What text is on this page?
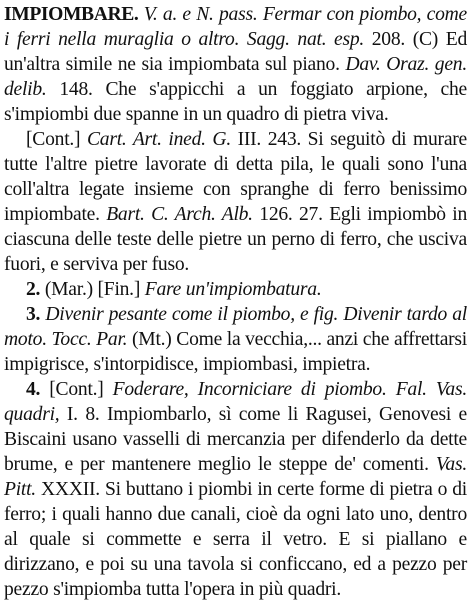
IMPIOMBARE. V. a. e N. pass. Fermar con piombo, come i ferri nella muraglia o altro. Sagg. nat. esp. 208. (C) Ed un'altra simile ne sia impiombata sul piano. Dav. Oraz. gen. delib. 148. Che s'appicchi a un foggiato arpione, che s'impiombi due spanne in un quadro di pietra viva.

[Cont.] Cart. Art. ined. G. III. 243. Si seguitò di murare tutte l'altre pietre lavorate di detta pila, le quali sono l'una coll'altra legate insieme con spranghe di ferro benissimo impiombate. Bart. C. Arch. Alb. 126. 27. Egli impiombò in ciascuna delle teste delle pietre un perno di ferro, che usciva fuori, e serviva per fuso.

2. (Mar.) [Fin.] Fare un'impiombatura.

3. Divenir pesante come il piombo, e fig. Divenir tardo al moto. Tocc. Par. (Mt.) Come la vecchia,... anzi che affrettarsi impigrisce, s'intorpidisce, impiombasi, impietra.

4. [Cont.] Foderare, Incorniciare di piombo. Fal. Vas. quadri, I. 8. Impiombarlo, sì come li Ragusei, Genovesi e Biscaini usano vasselli di mercanzia per difenderlo da dette brume, e per mantenere meglio le steppe de' comenti. Vas. Pitt. XXXII. Si buttano i piombi in certe forme di pietra o di ferro; i quali hanno due canali, cioè da ogni lato uno, dentro al quale si commette e serra il vetro. E si piallano e dirizzano, e poi su una tavola si conficcano, ed a pezzo per pezzo s'impiomba tutta l'opera in più quadri.
